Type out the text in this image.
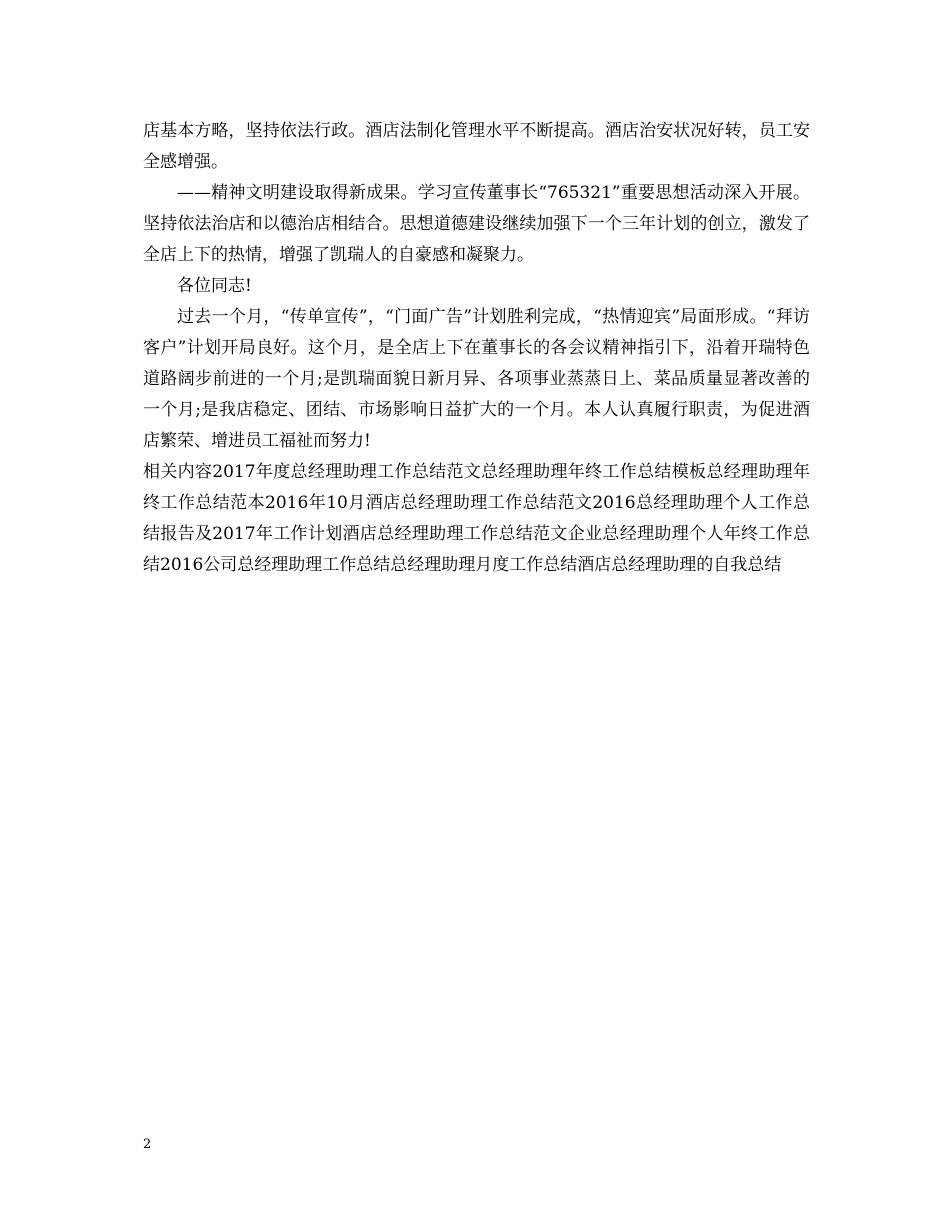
店基本方略，坚持依法行政。酒店法制化管理水平不断提高。酒店治安状况好转，员工安全感增强。

——精神文明建设取得新成果。学习宣传董事长“765321”重要思想活动深入开展。坚持依法治店和以德治店相结合。思想道德建设继续加强下一个三年计划的创立，激发了全店上下的热情，增强了凯瑞人的自豪感和凝聚力。

各位同志!

过去一个月，“传单宣传”，“门面广告”计划胜利完成，“热情迎宾”局面形成。“拜访客户”计划开局良好。这个月，是全店上下在董事长的各会议精神指引下，沿着开瑞特色道路阔步前进的一个月;是凯瑞面貌日新月异、各项事业蒸蒸日上、菜品质量显著改善的一个月;是我店稳定、团结、市场影响日益扩大的一个月。本人认真履行职责，为促进酒店繁荣、增进员工福祉而努力!

相关内容2017年度总经理助理工作总结范文总经理助理年终工作总结模板总经理助理年终工作总结范本2016年10月酒店总经理助理工作总结范文2016总经理助理个人工作总结报告及2017年工作计划酒店总经理助理工作总结范文企业总经理助理个人年终工作总结2016公司总经理助理工作总结总经理助理月度工作总结酒店总经理助理的自我总结

2
